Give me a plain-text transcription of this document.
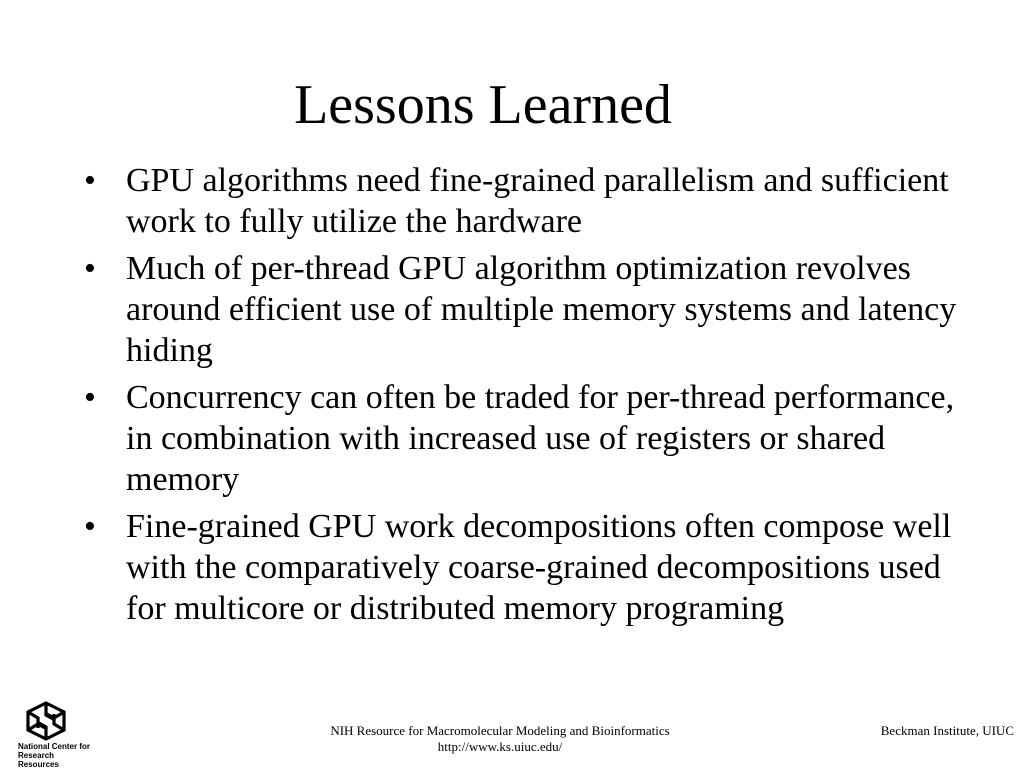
Lessons Learned
• GPU algorithms need fine-grained parallelism and sufficient work to fully utilize the hardware
• Much of per-thread GPU algorithm optimization revolves around efficient use of multiple memory systems and latency hiding
• Concurrency can often be traded for per-thread performance, in combination with increased use of registers or shared memory
• Fine-grained GPU work decompositions often compose well with the comparatively coarse-grained decompositions used for multicore or distributed memory programing
National Center for
Research Resources
NIH Resource for Macromolecular Modeling and Bioinformatics
http://www.ks.uiuc.edu/
Beckman Institute, UIUC
